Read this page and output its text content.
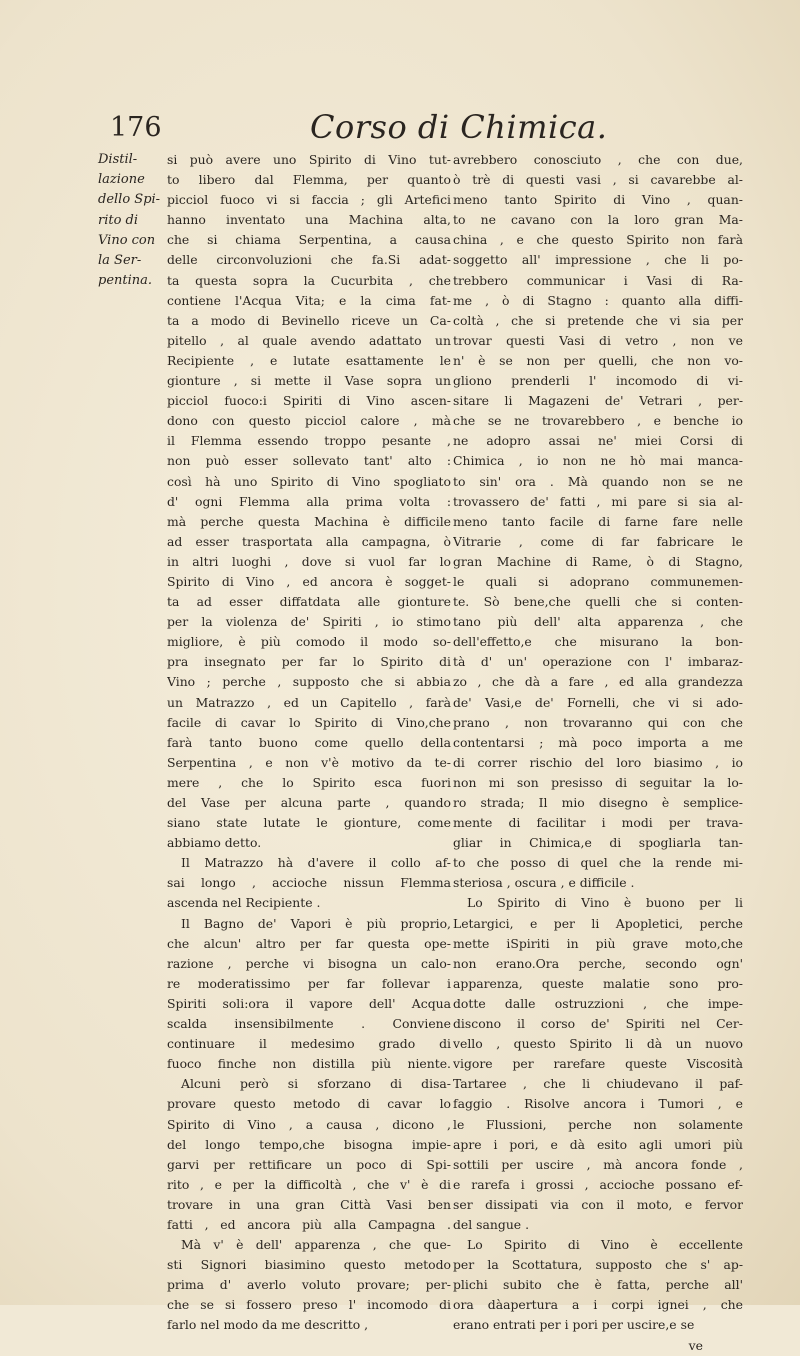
176	Corso di Chimica.
Distil-
lazione
dello Spi-
rito di
Vino con
la Ser-
pentina.
si può avere uno Spirito di Vino tut-
to libero dal Flemma, per quanto
picciol fuoco vi si faccia ; gli Artefici
hanno inventato una Machina alta,
che si chiama Serpentina, a causa
delle circonvoluzioni che fa.Si adat-
ta questa sopra la Cucurbita , che
contiene l'Acqua Vita; e la cima fat-
ta a modo di Bevinello riceve un Ca-
pitello , al quale avendo adattato un
Recipiente , e lutate esattamente le
gionture , si mette il Vase sopra un
picciol fuoco:i Spiriti di Vino ascen-
dono con questo picciol calore , mà
il Flemma essendo troppo pesante ,
non può esser sollevato tant' alto :
così hà uno Spirito di Vino spogliato
d' ogni Flemma alla prima volta :
mà perche questa Machina è difficile
ad esser trasportata alla campagna, ò
in altri luoghi , dove si vuol far lo
Spirito di Vino , ed ancora è sogget-
ta ad esser diffatdata alle gionture
per la violenza de' Spiriti , io stimo
migliore, è più comodo il modo so-
pra insegnato per far lo Spirito di
Vino ; perche , supposto che si abbia
un Matrazzo , ed un Capitello , farà
facile di cavar lo Spirito di Vino,che
farà tanto buono come quello della
Serpentina , e non v'è motivo da te-
mere , che lo Spirito esca fuori
del Vase per alcuna parte , quando
siano state lutate le gionture, come
abbiamo detto.
Il Matrazzo hà d'avere il collo af-
sai longo , accioche nissun Flemma
ascenda nel Recipiente .
Il Bagno de' Vapori è più proprio,
che alcun' altro per far questa ope-
razione , perche vi bisogna un calo-
re moderatissimo per far follevar i
Spiriti soli:ora il vapore dell' Acqua
scalda insensibilmente . Conviene
continuare il medesimo grado di
fuoco finche non distilla più niente.
Alcuni però si sforzano di disa-
provare questo metodo di cavar lo
Spirito di Vino , a causa , dicono ,
del longo tempo,che bisogna impie-
garvi per rettificare un poco di Spi-
rito , e per la difficoltà , che v' è di
trovare in una gran Città Vasi ben
fatti , ed ancora più alla Campagna .
Mà v' è dell' apparenza , che que-
sti Signori biasimino questo metodo
prima d' averlo voluto provare; per-
che se si fossero preso l' incomodo di
farlo nel modo da me descritto ,
avrebbero conosciuto , che con due,
ò trè di questi vasi , si cavarebbe al-
meno tanto Spirito di Vino , quan-
to ne cavano con la loro gran Ma-
china , e che questo Spirito non farà
soggetto all' impressione , che li po-
trebbero communicar i Vasi di Ra-
me , ò di Stagno : quanto alla diffi-
coltà , che si pretende che vi sia per
trovar questi Vasi di vetro , non ve
n' è se non per quelli, che non vo-
gliono prenderli l' incomodo di vi-
sitare li Magazeni de' Vetrari , per-
che se ne trovarebbero , e benche io
ne adopro assai ne' miei Corsi di
Chimica , io non ne hò mai manca-
to sin' ora . Mà quando non se ne
trovassero de' fatti , mi pare si sia al-
meno tanto facile di farne fare nelle
Vitrarie , come di far fabricare le
gran Machine di Rame, ò di Stagno,
le quali si adoprano communemen-
te. Sò bene,che quelli che si conten-
tano più dell' alta apparenza , che
dell'effetto,e che misurano la bon-
tà d' un' operazione con l' imbaraz-
zo , che dà a fare , ed alla grandezza
de' Vasi,e de' Fornelli, che vi si ado-
prano , non trovaranno qui con che
contentarsi ; mà poco importa a me
di correr rischio del loro biasimo , io
non mi son presisso di seguitar la lo-
ro strada; Il mio disegno è semplice-
mente di facilitar i modi per trava-
gliar in Chimica,e di spogliarla tan-
to che posso di quel che la rende mi-
steriosa , oscura , e difficile .
Lo Spirito di Vino è buono per li
Letargici, e per li Apopletici, perche
mette iSpiriti in più grave moto,che
non erano.Ora perche, secondo ogn'
apparenza, queste malatie sono pro-
dotte dalle ostruzzioni , che impe-
discono il corso de' Spiriti nel Cer-
vello , questo Spirito li dà un nuovo
vigore per rarefare queste Viscosità
Tartaree , che li chiudevano il paf-
faggio . Risolve ancora i Tumori , e
le Flussioni, perche non solamente
apre i pori, e dà esito agli umori più
sottili per uscire , mà ancora fonde ,
e rarefa i grossi , accioche possano ef-
ser dissipati via con il moto, e fervor
del sangue .
Lo Spirito di Vino è eccellente
per la Scottatura, supposto che s' ap-
plichi subito che è fatta, perche all'
ora dàapertura a i corpi ignei , che
erano entrati per i pori per uscire,e se
ve
